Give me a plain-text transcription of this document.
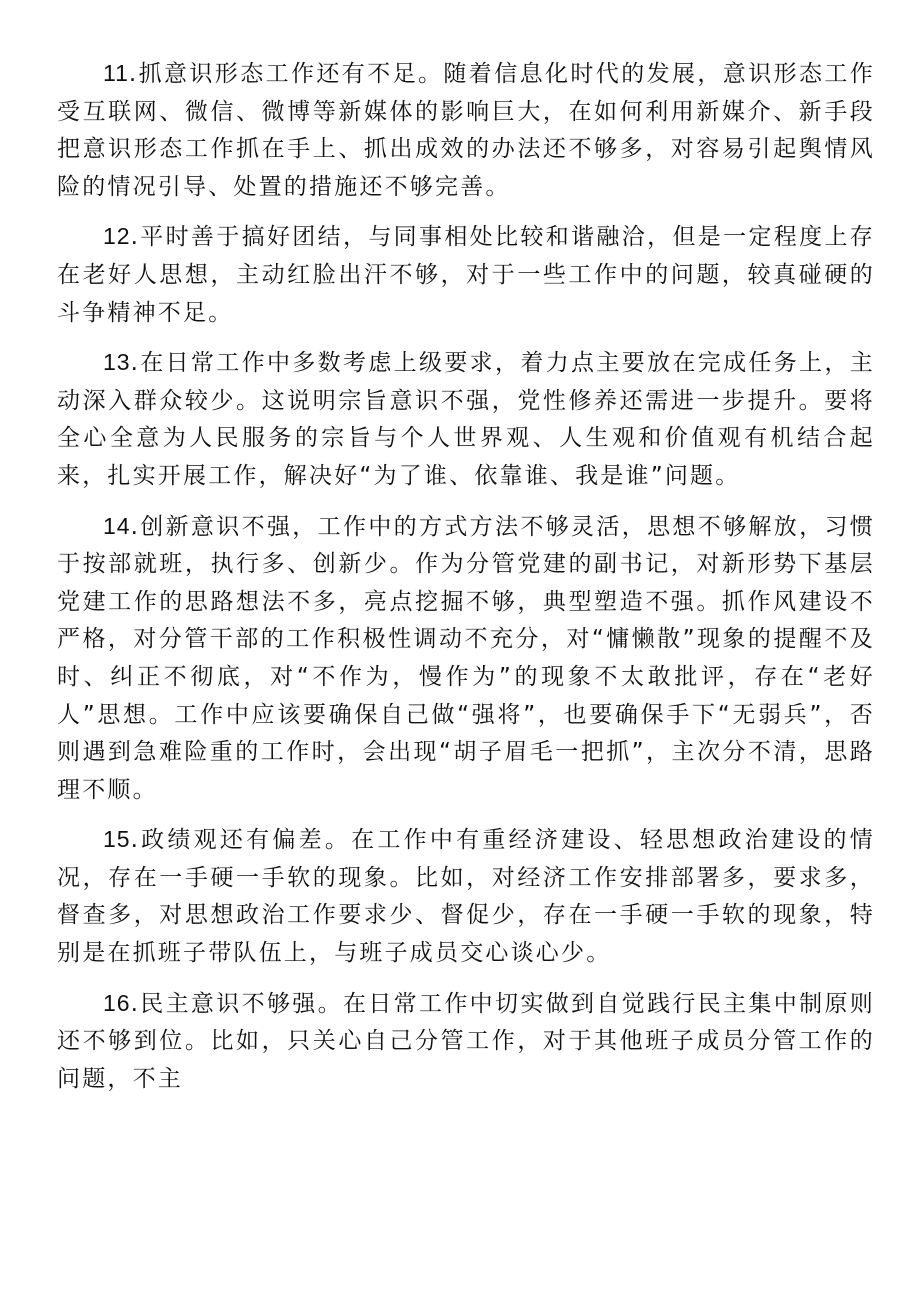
11.抓意识形态工作还有不足。随着信息化时代的发展，意识形态工作受互联网、微信、微博等新媒体的影响巨大，在如何利用新媒介、新手段把意识形态工作抓在手上、抓出成效的办法还不够多，对容易引起舆情风险的情况引导、处置的措施还不够完善。

12.平时善于搞好团结，与同事相处比较和谐融洽，但是一定程度上存在老好人思想，主动红脸出汗不够，对于一些工作中的问题，较真碰硬的斗争精神不足。

13.在日常工作中多数考虑上级要求，着力点主要放在完成任务上，主动深入群众较少。这说明宗旨意识不强，党性修养还需进一步提升。要将全心全意为人民服务的宗旨与个人世界观、人生观和价值观有机结合起来，扎实开展工作，解决好“为了谁、依靠谁、我是谁”问题。

14.创新意识不强，工作中的方式方法不够灵活，思想不够解放，习惯于按部就班，执行多、创新少。作为分管党建的副书记，对新形势下基层党建工作的思路想法不多，亮点挖掘不够，典型塑造不强。抓作风建设不严格，对分管干部的工作积极性调动不充分，对“慵懒散”现象的提醒不及时、纠正不彻底，对“不作为，慢作为”的现象不太敢批评，存在“老好人”思想。工作中应该要确保自己做“强将”，也要确保手下“无弱兵”，否则遇到急难险重的工作时，会出现“胡子眉毛一把抓”，主次分不清，思路理不顺。

15.政绩观还有偏差。在工作中有重经济建设、轻思想政治建设的情况，存在一手硬一手软的现象。比如，对经济工作安排部署多，要求多，督查多，对思想政治工作要求少、督促少，存在一手硬一手软的现象，特别是在抓班子带队伍上，与班子成员交心谈心少。

16.民主意识不够强。在日常工作中切实做到自觉践行民主集中制原则还不够到位。比如，只关心自己分管工作，对于其他班子成员分管工作的问题，不主
